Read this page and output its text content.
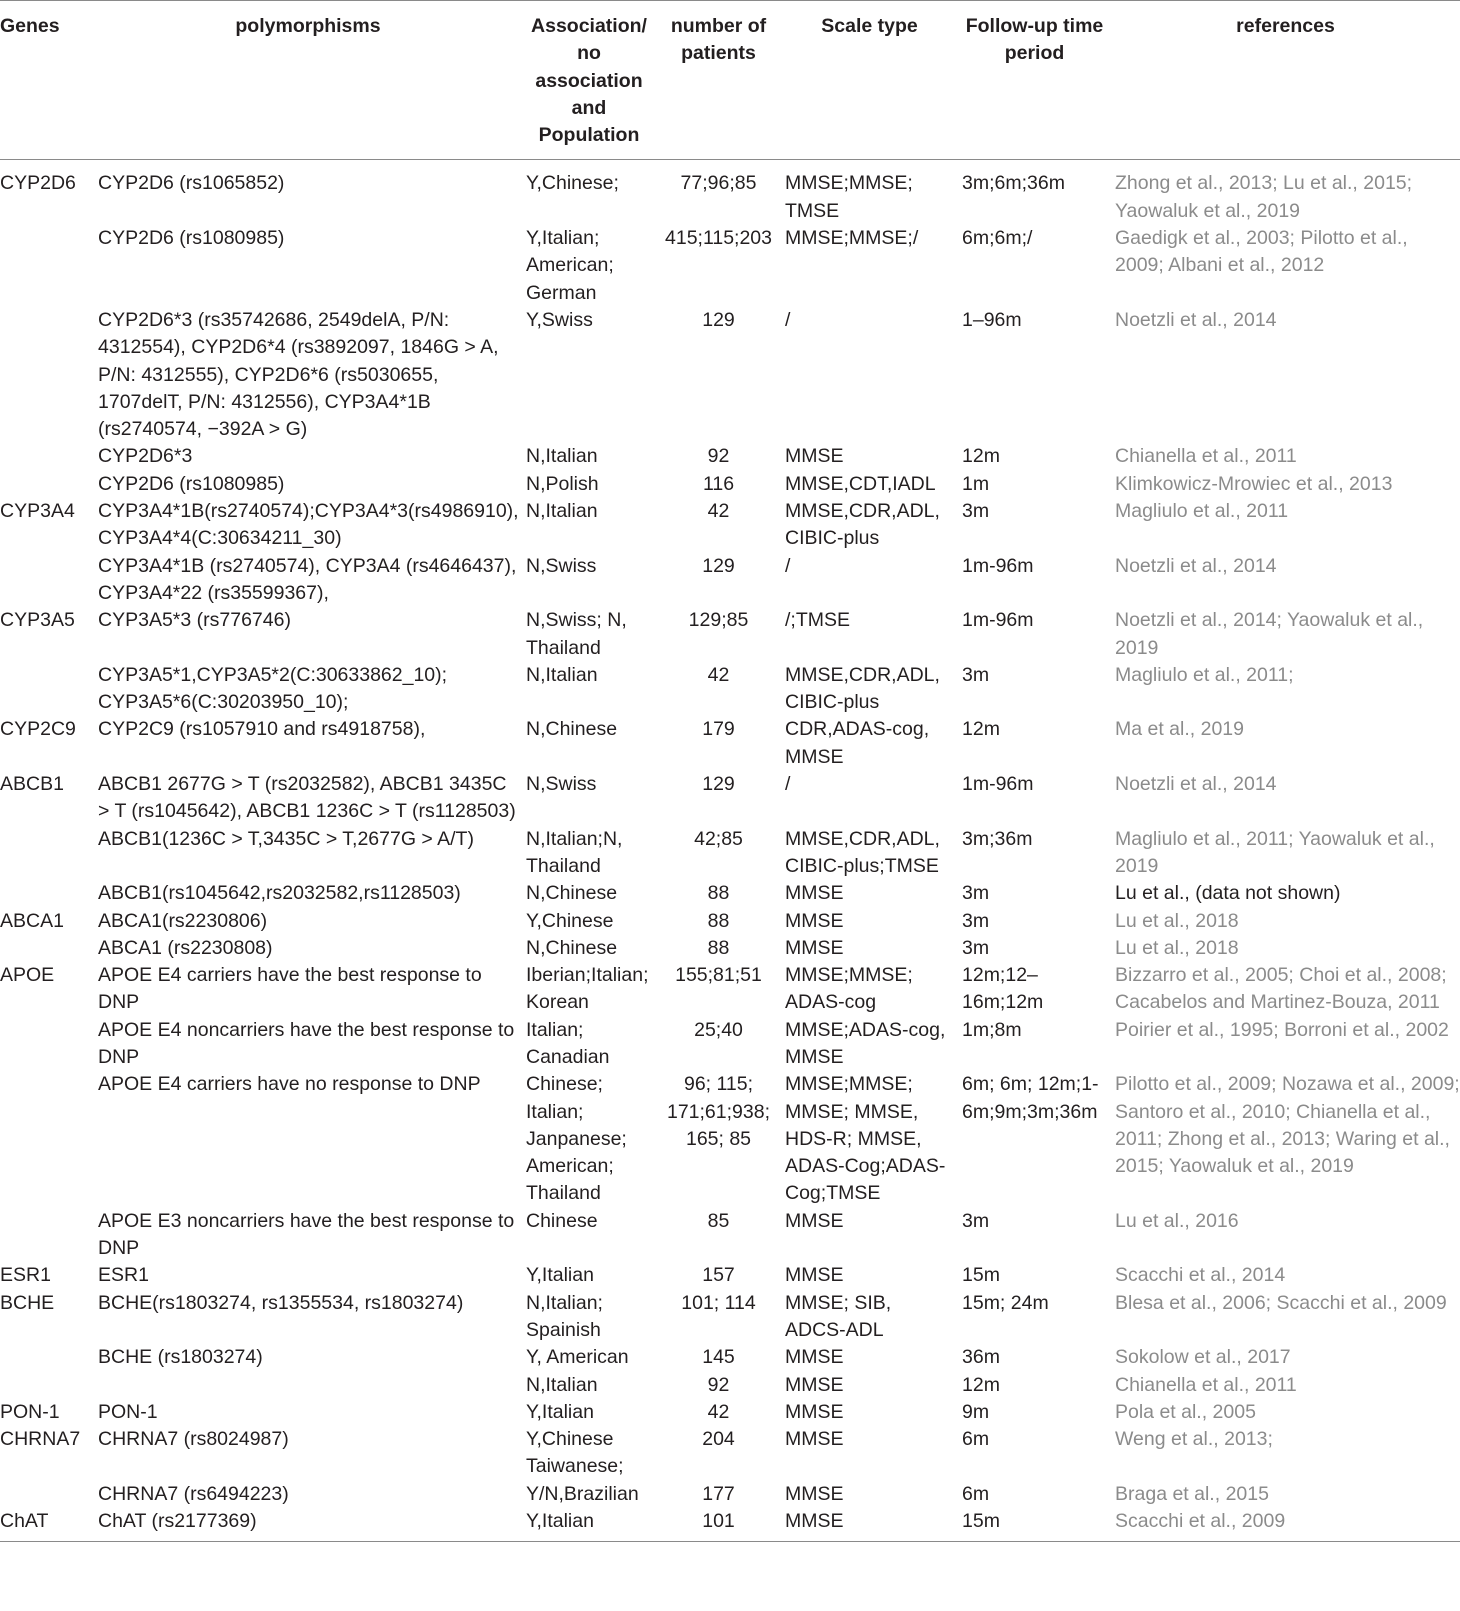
Genes	polymorphisms	Association/ no association and Population	number of patients	Scale type	Follow-up time period	references
CYP2D6	CYP2D6 (rs1065852)	Y,Chinese;	77;96;85	MMSE;MMSE; TMSE	3m;6m;36m	Zhong et al., 2013; Lu et al., 2015; Yaowaluk et al., 2019
	CYP2D6 (rs1080985)	Y,Italian; American; German	415;115;203	MMSE;MMSE;/	6m;6m;/	Gaedigk et al., 2003; Pilotto et al., 2009; Albani et al., 2012
	CYP2D6*3 (rs35742686, 2549delA, P/N: 4312554), CYP2D6*4 (rs3892097, 1846G > A, P/N: 4312555), CYP2D6*6 (rs5030655, 1707delT, P/N: 4312556), CYP3A4*1B (rs2740574, −392A > G)	Y,Swiss	129	/	1–96m	Noetzli et al., 2014
	CYP2D6*3	N,Italian	92	MMSE	12m	Chianella et al., 2011
	CYP2D6 (rs1080985)	N,Polish	116	MMSE,CDT,IADL	1m	Klimkowicz-Mrowiec et al., 2013
CYP3A4	CYP3A4*1B(rs2740574);CYP3A4*3(rs4986910), CYP3A4*4(C:30634211_30)	N,Italian	42	MMSE,CDR,ADL, CIBIC-plus	3m	Magliulo et al., 2011
	CYP3A4*1B (rs2740574), CYP3A4 (rs4646437), CYP3A4*22 (rs35599367),	N,Swiss	129	/	1m-96m	Noetzli et al., 2014
CYP3A5	CYP3A5*3 (rs776746)	N,Swiss; N, Thailand	129;85	/;TMSE	1m-96m	Noetzli et al., 2014; Yaowaluk et al., 2019
	CYP3A5*1,CYP3A5*2(C:30633862_10); CYP3A5*6(C:30203950_10);	N,Italian	42	MMSE,CDR,ADL, CIBIC-plus	3m	Magliulo et al., 2011;
CYP2C9	CYP2C9 (rs1057910 and rs4918758),	N,Chinese	179	CDR,ADAS-cog, MMSE	12m	Ma et al., 2019
ABCB1	ABCB1 2677G > T (rs2032582), ABCB1 3435C > T (rs1045642), ABCB1 1236C > T (rs1128503)	N,Swiss	129	/	1m-96m	Noetzli et al., 2014
	ABCB1(1236C > T,3435C > T,2677G > A/T)	N,Italian;N, Thailand	42;85	MMSE,CDR,ADL, CIBIC-plus;TMSE	3m;36m	Magliulo et al., 2011; Yaowaluk et al., 2019
	ABCB1(rs1045642,rs2032582,rs1128503)	N,Chinese	88	MMSE	3m	Lu et al., (data not shown)
ABCA1	ABCA1(rs2230806)	Y,Chinese	88	MMSE	3m	Lu et al., 2018
	ABCA1 (rs2230808)	N,Chinese	88	MMSE	3m	Lu et al., 2018
APOE	APOE E4 carriers have the best response to DNP	Iberian;Italian; Korean	155;81;51	MMSE;MMSE; ADAS-cog	12m;12–16m;12m	Bizzarro et al., 2005; Choi et al., 2008; Cacabelos and Martinez-Bouza, 2011
	APOE E4 noncarriers have the best response to DNP	Italian; Canadian	25;40	MMSE;ADAS-cog, MMSE	1m;8m	Poirier et al., 1995; Borroni et al., 2002
	APOE E4 carriers have no response to DNP	Chinese; Italian; Janpanese; American; Thailand	96; 115; 171;61;938; 165; 85	MMSE;MMSE; MMSE; MMSE, HDS-R; MMSE, ADAS-Cog;ADAS-Cog;TMSE	6m; 6m; 12m;1-6m;9m;3m;36m	Pilotto et al., 2009; Nozawa et al., 2009; Santoro et al., 2010; Chianella et al., 2011; Zhong et al., 2013; Waring et al., 2015; Yaowaluk et al., 2019
	APOE E3 noncarriers have the best response to DNP	Chinese	85	MMSE	3m	Lu et al., 2016
ESR1	ESR1	Y,Italian	157	MMSE	15m	Scacchi et al., 2014
BCHE	BCHE(rs1803274, rs1355534, rs1803274)	N,Italian; Spainish	101; 114	MMSE; SIB, ADCS-ADL	15m; 24m	Blesa et al., 2006; Scacchi et al., 2009
	BCHE (rs1803274)	Y, American	145	MMSE	36m	Sokolow et al., 2017
		N,Italian	92	MMSE	12m	Chianella et al., 2011
PON-1	PON-1	Y,Italian	42	MMSE	9m	Pola et al., 2005
CHRNA7	CHRNA7 (rs8024987)	Y,Chinese Taiwanese;	204	MMSE	6m	Weng et al., 2013;
	CHRNA7 (rs6494223)	Y/N,Brazilian	177	MMSE	6m	Braga et al., 2015
ChAT	ChAT (rs2177369)	Y,Italian	101	MMSE	15m	Scacchi et al., 2009
